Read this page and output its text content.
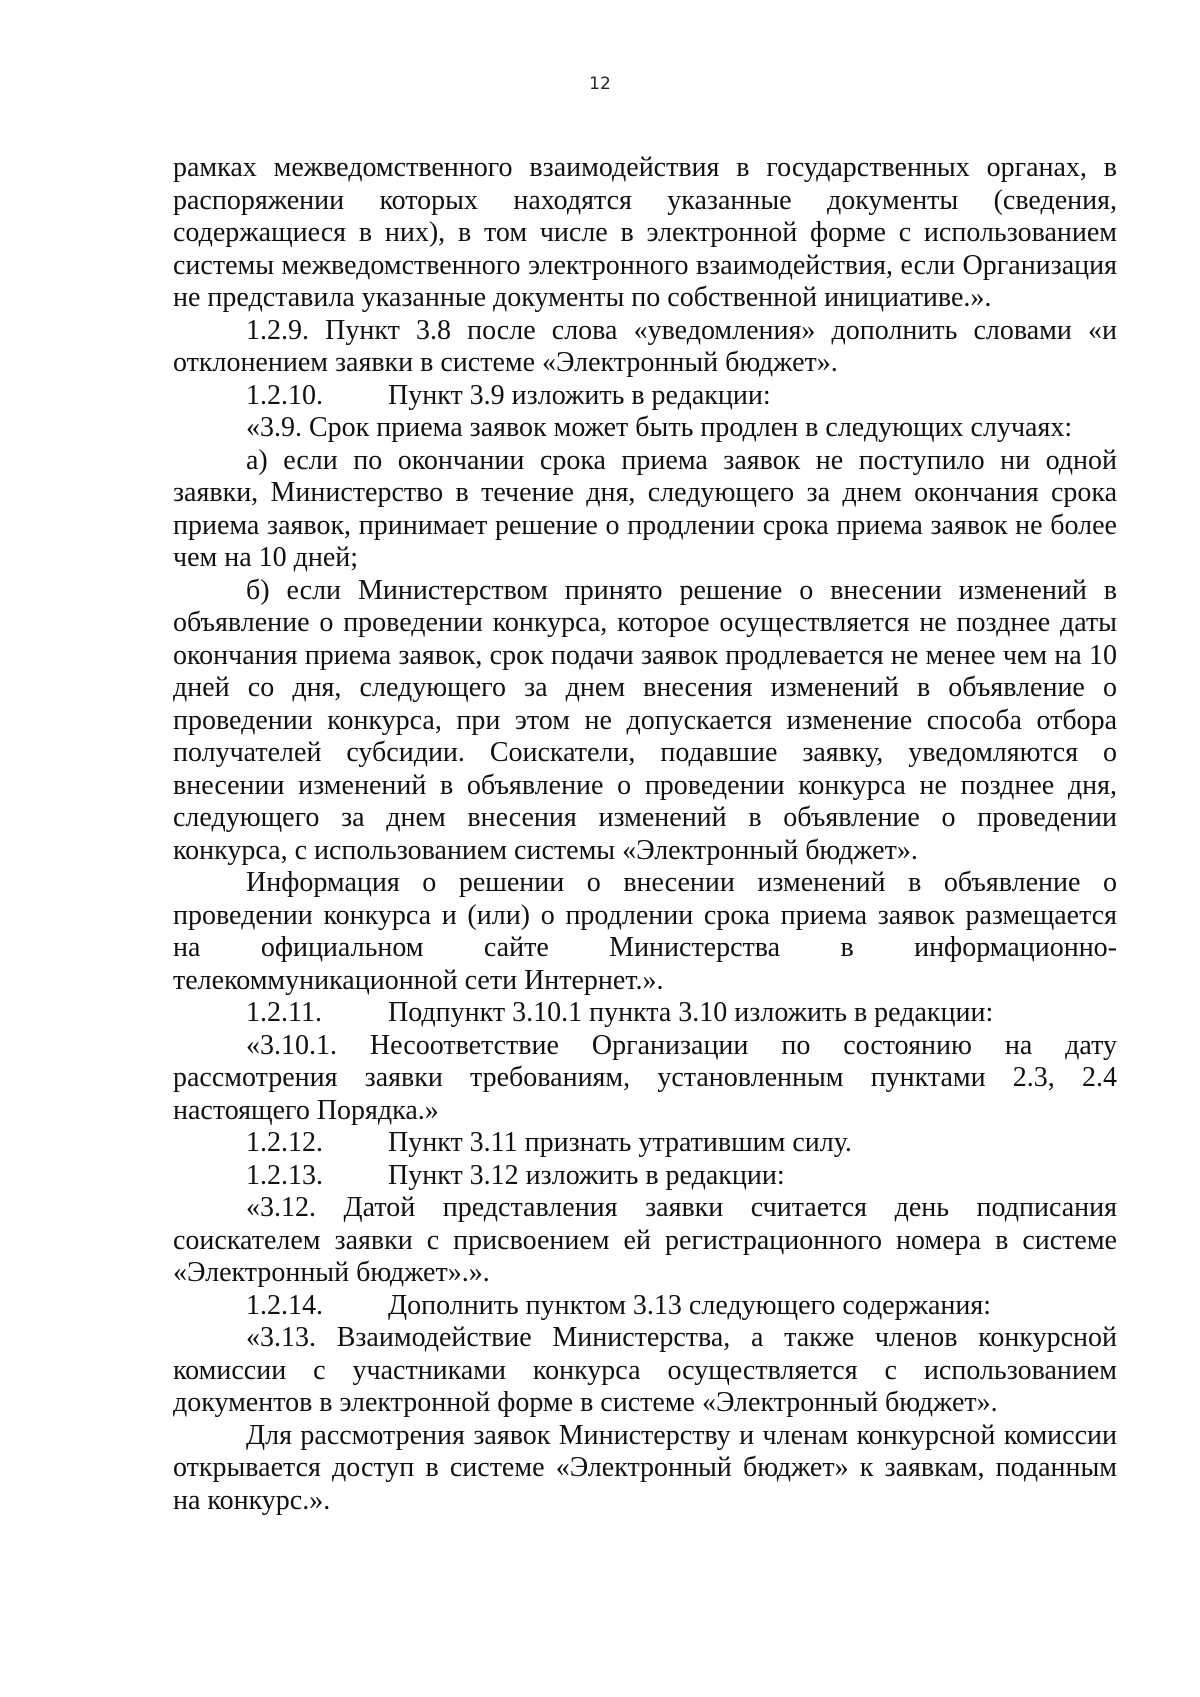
12

рамках межведомственного взаимодействия в государственных органах, в распоряжении которых находятся указанные документы (сведения, содержащиеся в них), в том числе в электронной форме с использованием системы межведомственного электронного взаимодействия, если Организация не представила указанные документы по собственной инициативе.».

1.2.9. Пункт 3.8 после слова «уведомления» дополнить словами «и отклонением заявки в системе «Электронный бюджет».

1.2.10. Пункт 3.9 изложить в редакции:

«3.9. Срок приема заявок может быть продлен в следующих случаях:

а) если по окончании срока приема заявок не поступило ни одной заявки, Министерство в течение дня, следующего за днем окончания срока приема заявок, принимает решение о продлении срока приема заявок не более чем на 10 дней;

б) если Министерством принято решение о внесении изменений в объявление о проведении конкурса, которое осуществляется не позднее даты окончания приема заявок, срок подачи заявок продлевается не менее чем на 10 дней со дня, следующего за днем внесения изменений в объявление о проведении конкурса, при этом не допускается изменение способа отбора получателей субсидии. Соискатели, подавшие заявку, уведомляются о внесении изменений в объявление о проведении конкурса не позднее дня, следующего за днем внесения изменений в объявление о проведении конкурса, с использованием системы «Электронный бюджет».

Информация о решении о внесении изменений в объявление о проведении конкурса и (или) о продлении срока приема заявок размещается на официальном сайте Министерства в информационно-телекоммуникационной сети Интернет.».

1.2.11. Подпункт 3.10.1 пункта 3.10 изложить в редакции:

«3.10.1. Несоответствие Организации по состоянию на дату рассмотрения заявки требованиям, установленным пунктами 2.3, 2.4 настоящего Порядка.»

1.2.12. Пункт 3.11 признать утратившим силу.

1.2.13. Пункт 3.12 изложить в редакции:

«3.12. Датой представления заявки считается день подписания соискателем заявки с присвоением ей регистрационного номера в системе «Электронный бюджет».».

1.2.14. Дополнить пунктом 3.13 следующего содержания:

«3.13. Взаимодействие Министерства, а также членов конкурсной комиссии с участниками конкурса осуществляется с использованием документов в электронной форме в системе «Электронный бюджет».

Для рассмотрения заявок Министерству и членам конкурсной комиссии открывается доступ в системе «Электронный бюджет» к заявкам, поданным на конкурс.».
